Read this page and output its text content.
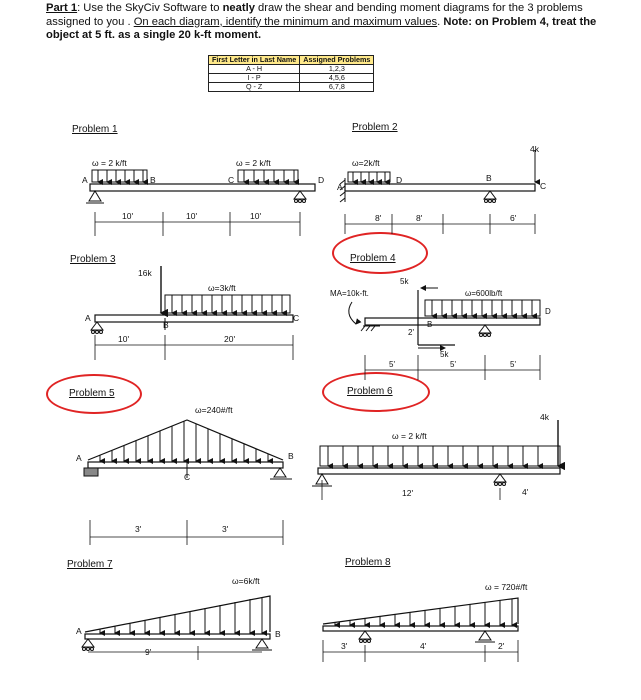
Part 1: Use the SkyCiv Software to neatly draw the shear and bending moment diagrams for the 3 problems assigned to you . On each diagram, identify the minimum and maximum values. Note: on Problem 4, treat the object at 5 ft. as a single 20 k-ft moment.
First Letter in Last Name	Assigned Problems
A - H	1,2,3
I - P	4,5,6
Q - Z	6,7,8
Problem 1	Problem 2
Problem 3	Problem 4
Problem 5	Problem 6
Problem 7	Problem 8
ω = 2 k/ft	ω = 2 k/ft
A	B	C	D
10'	10'	10'
ω=2k/ft
A
D	B
C
4k
8'	8'	6'
16k
ω=3k/ft
A
B
C
10'	20'
MA=10k-ft.
5k
5k
ω=600lb/ft
B
D
2'
5'	5'	5'
ω=240#/ft
A	B
C
3'	3'
ω = 2 k/ft
4k
12'	4'
ω=6k/ft
A	B
9'
ω = 720#/ft
3'	4'	2'
